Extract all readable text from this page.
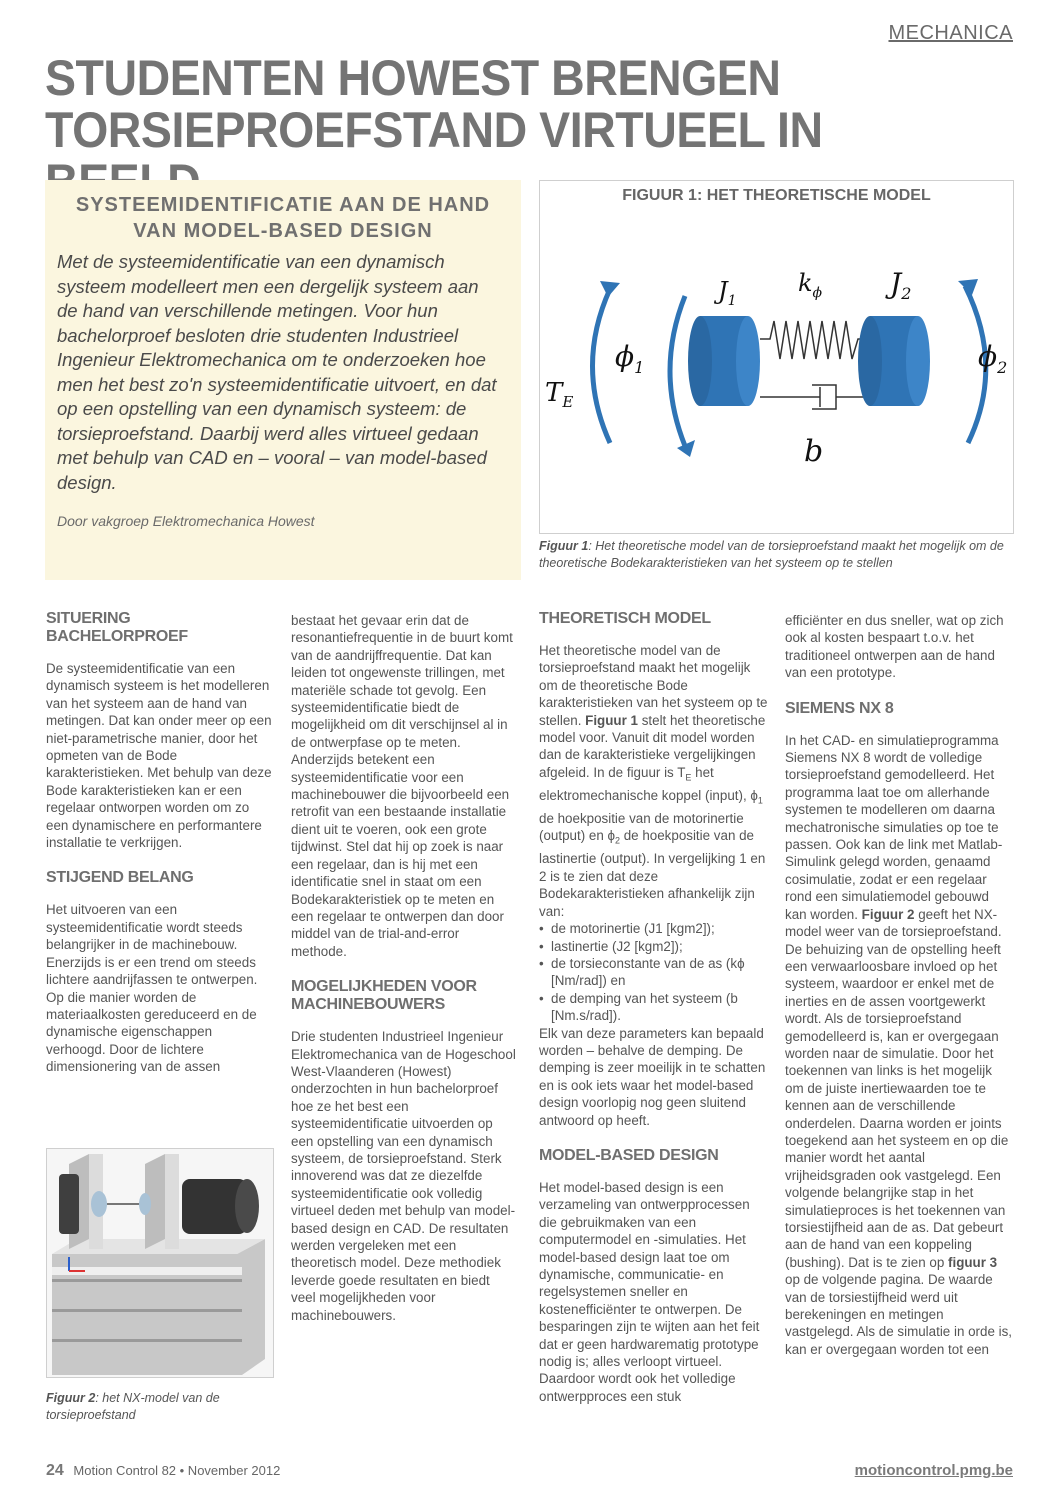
MECHANICA
STUDENTEN HOWEST BRENGEN TORSIEPROEFSTAND VIRTUEEL IN
SYSTEEMIDENTIFICATIE AAN DE HAND VAN MODEL-BASED DESIGN

Met de systeemidentificatie van een dynamisch systeem modelleert men een dergelijk systeem aan de hand van verschillende metingen. Voor hun bachelorproef besloten drie studenten Industrieel Ingenieur Elektromechanica om te onderzoeken hoe men het best zo'n systeemidentificatie uitvoert, en dat op een opstelling van een dynamisch systeem: de torsieproefstand. Daarbij werd alles virtueel gedaan met behulp van CAD en – vooral – van model-based design.

Door vakgroep Elektromechanica Howest

FIGUUR 1: HET THEORETISCHE MODEL
$T_E$
$\phi_1$
$J_1$
$k_\phi$ $J_2$
$\phi_2$
b
Figuur 1: Het theoretische model van de torsieproefstand maakt het mogelijk om de theoretische Bodekarakteristieken van het systeem op te stellen
SITUERING BACHELORPROEF

De systeemidentificatie van een dynamisch systeem is het modelleren van het systeem aan de hand van metingen. Dat kan onder meer op een niet-parametrische manier, door het opmeten van de Bode karakteristieken. Met behulp van deze Bode karakteristieken kan er een regelaar ontworpen worden om zo een dynamischere en performantere installatie te verkrijgen.

STIJGEND BELANG

Het uitvoeren van een systeemidentificatie wordt steeds belangrijker in de machinebouw. Enerzijds is er een trend om steeds lichtere aandrijfassen te ontwerpen. Op die manier worden de materiaalkosten gereduceerd en de dynamische eigenschappen verhoogd. Door de lichtere dimensionering van de assen

Figuur 2: het NX-model van de torsieproefstand

bestaat het gevaar erin dat de resonantiefrequentie in de buurt komt van de aandrijffrequentie. Dat kan leiden tot ongewenste trillingen, met materiële schade tot gevolg. Een systeemidentificatie biedt de mogelijkheid om dit verschijnsel al in de ontwerpfase op te meten. Anderzijds betekent een systeemidentificatie voor een machinebouwer die bijvoorbeeld een retrofit van een bestaande installatie dient uit te voeren, ook een grote tijdwinst. Stel dat hij op zoek is naar een regelaar, dan is hij met een identificatie snel in staat om een Bodekarakteristiek op te meten en een regelaar te ontwerpen dan door middel van de trial-and-error methode.

MOGELIJKHEDEN VOOR MACHINEBOUWERS

Drie studenten Industrieel Ingenieur Elektromechanica van de Hogeschool West-Vlaanderen (Howest) onderzochten in hun bachelorproef hoe ze het best een systeemidentificatie uitvoerden op een opstelling van een dynamisch systeem, de torsieproefstand. Sterk innoverend was dat ze diezelfde systeemidentificatie ook volledig virtueel deden met behulp van model-based design en CAD. De resultaten werden vergeleken met een theoretisch model. Deze methodiek leverde goede resultaten en biedt veel mogelijkheden voor machinebouwers.

THEORETISCH MODEL

Het theoretische model van de torsieproefstand maakt het mogelijk om de theoretische Bode karakteristieken van het systeem op te stellen. Figuur 1 stelt het theoretische model voor. Vanuit dit model worden dan de karakteristieke vergelijkingen afgeleid. In de figuur is $T_E$ het elektromechanische koppel (input), $\phi_1$ de hoekpositie van de motorinertie (output) en $\phi_2$ de hoekpositie van de lastinertie (output). In vergelijking 1 en 2 is te zien dat deze Bodekarakteristieken afhankelijk zijn van:

• de motorinertie (J1 [kgm2]);
• lastinertie (J2 [kgm2]);
• de torsieconstante van de as (kϕ [Nm/rad]) en
• de demping van het systeem (b [Nm.s/rad]).

Elk van deze parameters kan bepaald worden – behalve de demping. De demping is zeer moeilijk in te schatten en is ook iets waar het model-based design voorlopig nog geen sluitend antwoord op heeft.

MODEL-BASED DESIGN

Het model-based design is een verzameling van ontwerpprocessen die gebruikmaken van een computermodel en -simulaties. Het model-based design laat toe om dynamische, communicatie- en regelsystemen sneller en kostenefficiënter te ontwerpen. De besparingen zijn te wijten aan het feit dat er geen hardwarematig prototype nodig is; alles verloopt virtueel. Daardoor wordt ook het volledige ontwerpproces een stuk

efficiënter en dus sneller, wat op zich ook al kosten bespaart t.o.v. het traditioneel ontwerpen aan de hand van een prototype.

SIEMENS NX 8

In het CAD- en simulatieprogramma Siemens NX 8 wordt de volledige torsieproefstand gemodelleerd. Het programma laat toe om allerhande systemen te modelleren om daarna mechatronische simulaties op toe te passen. Ook kan de link met Matlab-Simulink gelegd worden, genaamd cosimulatie, zodat er een regelaar rond een simulatiemodel gebouwd kan worden. Figuur 2 geeft het NX-model weer van de torsieproefstand. De behuizing van de opstelling heeft een verwaarloosbare invloed op het systeem, waardoor er enkel met de inerties en de assen voortgewerkt wordt. Als de torsieproefstand gemodelleerd is, kan er overgegaan worden naar de simulatie. Door het toekennen van links is het mogelijk om de juiste inertiewaarden toe te kennen aan de verschillende onderdelen. Daarna worden er joints toegekend aan het systeem en op die manier wordt het aantal vrijheidsgraden ook vastgelegd. Een volgende belangrijke stap in het simulatieproces is het toekennen van torsiestijfheid aan de as. Dat gebeurt aan de hand van een koppeling (bushing). Dat is te zien op figuur 3 op de volgende pagina. De waarde van de torsiestijfheid werd uit berekeningen en metingen vastgelegd. Als de simulatie in orde is, kan er overgegaan worden tot een

24 Motion Control 82 • November 2012	motioncontrol.pmg.be
